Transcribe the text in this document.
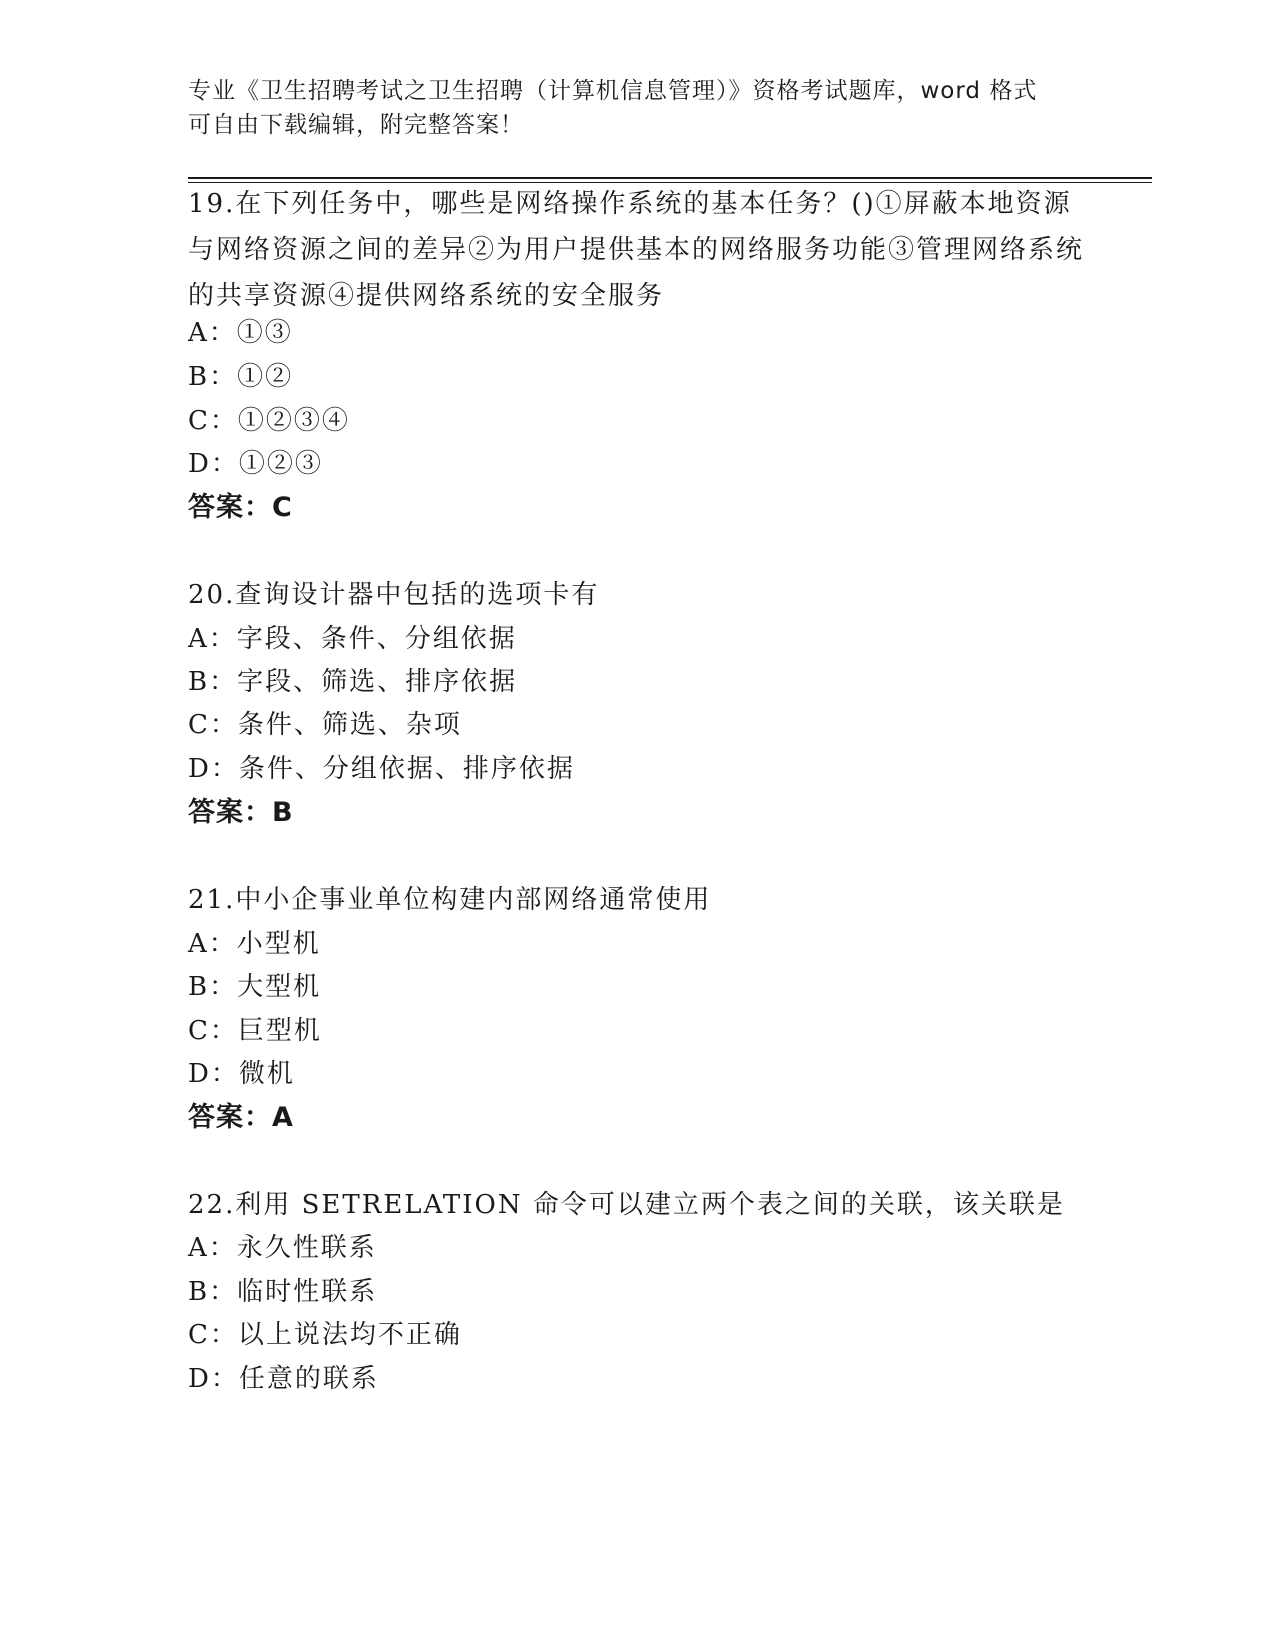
专业《卫生招聘考试之卫生招聘（计算机信息管理）》资格考试题库，word 格式
可自由下载编辑，附完整答案！
19.在下列任务中，哪些是网络操作系统的基本任务？()①屏蔽本地资源与网络资源之间的差异②为用户提供基本的网络服务功能③管理网络系统的共享资源④提供网络系统的安全服务
A：①③
B：①②
C：①②③④
D：①②③
答案：C
20.查询设计器中包括的选项卡有
A：字段、条件、分组依据
B：字段、筛选、排序依据
C：条件、筛选、杂项
D：条件、分组依据、排序依据
答案：B
21.中小企事业单位构建内部网络通常使用
A：小型机
B：大型机
C：巨型机
D：微机
答案：A
22.利用 SETRELATION 命令可以建立两个表之间的关联，该关联是
A：永久性联系
B：临时性联系
C：以上说法均不正确
D：任意的联系
